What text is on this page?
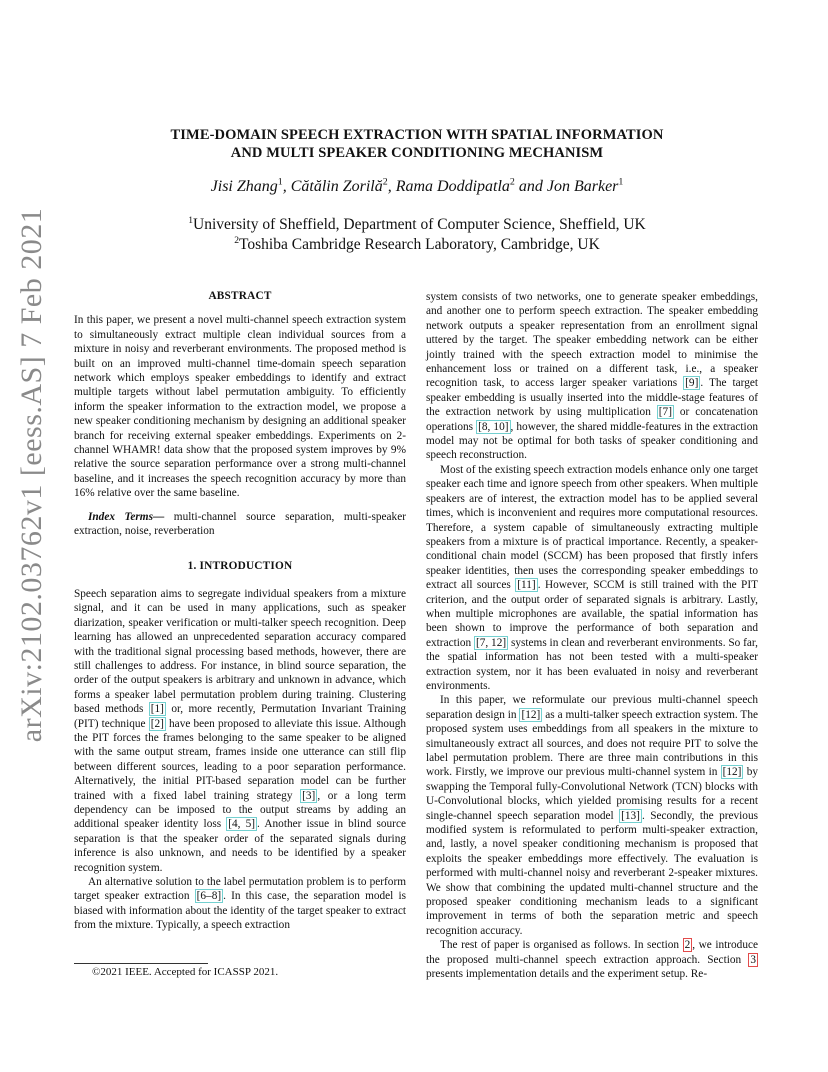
arXiv:2102.03762v1 [eess.AS] 7 Feb 2021
TIME-DOMAIN SPEECH EXTRACTION WITH SPATIAL INFORMATION
AND MULTI SPEAKER CONDITIONING MECHANISM
Jisi Zhang$^1$, Cătălin Zorilă$^2$, Rama Doddipatla$^2$ and Jon Barker$^1$
$^1$University of Sheffield, Department of Computer Science, Sheffield, UK
$^2$Toshiba Cambridge Research Laboratory, Cambridge, UK
ABSTRACT

In this paper, we present a novel multi-channel speech extraction system to simultaneously extract multiple clean individual sources from a mixture in noisy and reverberant environments. The proposed method is built on an improved multi-channel time-domain speech separation network which employs speaker embeddings to identify and extract multiple targets without label permutation ambiguity. To efficiently inform the speaker information to the extraction model, we propose a new speaker conditioning mechanism by designing an additional speaker branch for receiving external speaker embeddings. Experiments on 2-channel WHAMR! data show that the proposed system improves by 9% relative the source separation performance over a strong multi-channel baseline, and it increases the speech recognition accuracy by more than 16% relative over the same baseline.

Index Terms— multi-channel source separation, multi-speaker extraction, noise, reverberation

1. INTRODUCTION

Speech separation aims to segregate individual speakers from a mixture signal, and it can be used in many applications, such as speaker diarization, speaker verification or multi-talker speech recognition. Deep learning has allowed an unprecedented separation accuracy compared with the traditional signal processing based methods, however, there are still challenges to address. For instance, in blind source separation, the order of the output speakers is arbitrary and unknown in advance, which forms a speaker label permutation problem during training. Clustering based methods [1] or, more recently, Permutation Invariant Training (PIT) technique [2] have been proposed to alleviate this issue. Although the PIT forces the frames belonging to the same speaker to be aligned with the same output stream, frames inside one utterance can still flip between different sources, leading to a poor separation performance. Alternatively, the initial PIT-based separation model can be further trained with a fixed label training strategy [3] , or a long term dependency can be imposed to the output streams by adding an additional speaker identity loss [4, 5] . Another issue in blind source separation is that the speaker order of the separated signals during inference is also unknown, and needs to be identified by a speaker recognition system.

An alternative solution to the label permutation problem is to perform target speaker extraction [6–8] . In this case, the separation model is biased with information about the identity of the target speaker to extract from the mixture. Typically, a speech extraction

system consists of two networks, one to generate speaker embeddings, and another one to perform speech extraction. The speaker embedding network outputs a speaker representation from an enrollment signal uttered by the target. The speaker embedding network can be either jointly trained with the speech extraction model to minimise the enhancement loss or trained on a different task, i.e., a speaker recognition task, to access larger speaker variations [9] . The target speaker embedding is usually inserted into the middle-stage features of the extraction network by using multiplication [7] or concatenation operations [8, 10] , however, the shared middle-features in the extraction model may not be optimal for both tasks of speaker conditioning and speech reconstruction.

Most of the existing speech extraction models enhance only one target speaker each time and ignore speech from other speakers. When multiple speakers are of interest, the extraction model has to be applied several times, which is inconvenient and requires more computational resources. Therefore, a system capable of simultaneously extracting multiple speakers from a mixture is of practical importance. Recently, a speaker-conditional chain model (SCCM) has been proposed that firstly infers speaker identities, then uses the corresponding speaker embeddings to extract all sources [11] . However, SCCM is still trained with the PIT criterion, and the output order of separated signals is arbitrary. Lastly, when multiple microphones are available, the spatial information has been shown to improve the performance of both separation and extraction [7, 12] systems in clean and reverberant environments. So far, the spatial information has not been tested with a multi-speaker extraction system, nor it has been evaluated in noisy and reverberant environments.

In this paper, we reformulate our previous multi-channel speech separation design in [12] as a multi-talker speech extraction system. The proposed system uses embeddings from all speakers in the mixture to simultaneously extract all sources, and does not require PIT to solve the label permutation problem. There are three main contributions in this work. Firstly, we improve our previous multi-channel system in [12] by swapping the Temporal fully-Convolutional Network (TCN) blocks with U-Convolutional blocks, which yielded promising results for a recent single-channel speech separation model [13] . Secondly, the previous modified system is reformulated to perform multi-speaker extraction, and, lastly, a novel speaker conditioning mechanism is proposed that exploits the speaker embeddings more effectively. The evaluation is performed with multi-channel noisy and reverberant 2-speaker mixtures. We show that combining the updated multi-channel structure and the proposed speaker conditioning mechanism leads to a significant improvement in terms of both the separation metric and speech recognition accuracy.

The rest of paper is organised as follows. In section 2 , we introduce the proposed multi-channel speech extraction approach. Section 3 presents implementation details and the experiment setup. Re-

©2021 IEEE. Accepted for ICASSP 2021.
